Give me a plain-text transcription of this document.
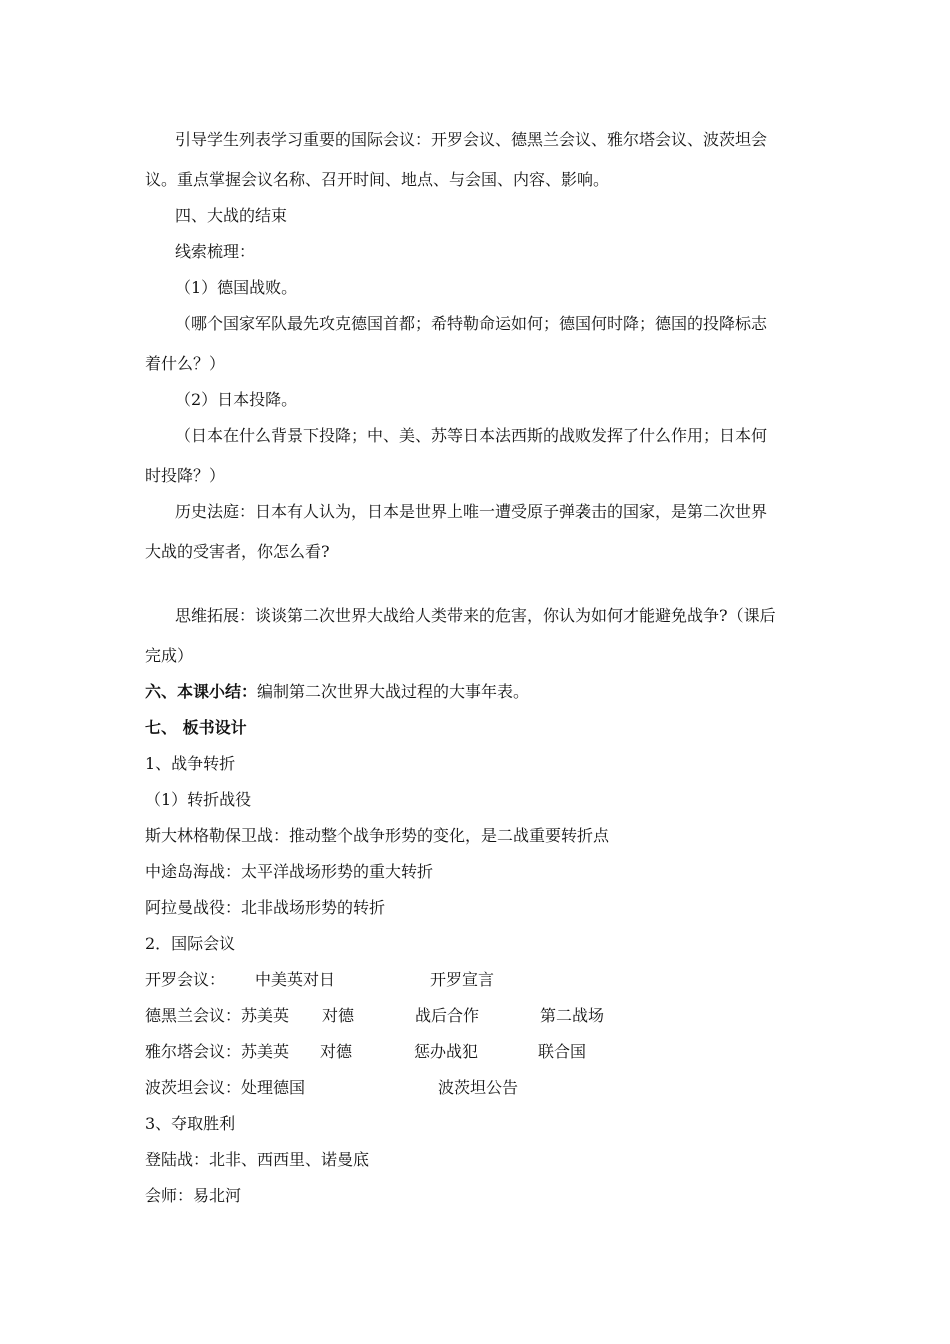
引导学生列表学习重要的国际会议：开罗会议、德黑兰会议、雅尔塔会议、波茨坦会
议。重点掌握会议名称、召开时间、地点、与会国、内容、影响。
四、大战的结束
线索梳理：
（1）德国战败。
（哪个国家军队最先攻克德国首都；希特勒命运如何；德国何时降；德国的投降标志
着什么？）
（2）日本投降。
（日本在什么背景下投降；中、美、苏等日本法西斯的战败发挥了什么作用；日本何
时投降？）
历史法庭：日本有人认为，日本是世界上唯一遭受原子弹袭击的国家，是第二次世界
大战的受害者，你怎么看?
思维拓展：谈谈第二次世界大战给人类带来的危害，你认为如何才能避免战争?（课后
完成）
六、本课小结：编制第二次世界大战过程的大事年表。
七、 板书设计
1、战争转折
（1）转折战役
斯大林格勒保卫战：推动整个战争形势的变化，是二战重要转折点
中途岛海战：太平洋战场形势的重大转折
阿拉曼战役：北非战场形势的转折
2．国际会议
开罗会议： 中美英对日	开罗宣言
德黑兰会议：苏美英 对德	战后合作	第二战场
雅尔塔会议：苏美英 对德	惩办战犯	联合国
波茨坦会议：处理德国	波茨坦公告
3、夺取胜利
登陆战：北非、西西里、诺曼底
会师：易北河
